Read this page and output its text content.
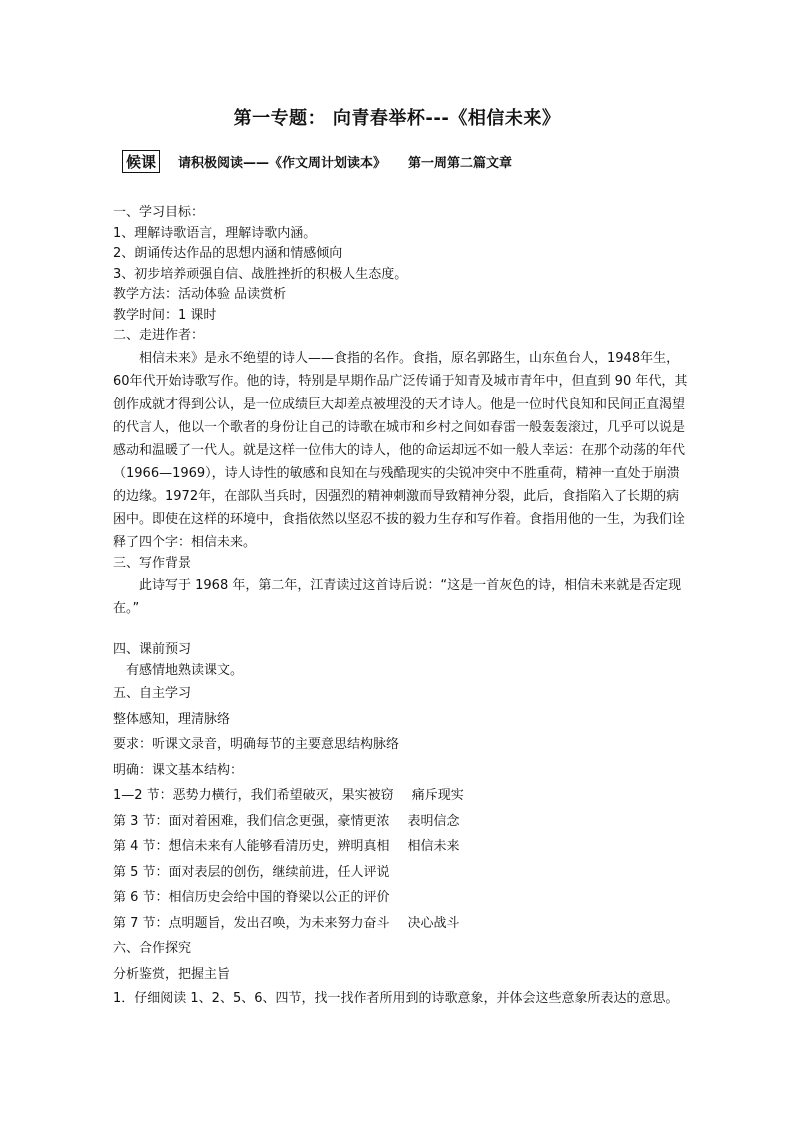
第一专题： 向青春举杯---《相信未来》
候课 请积极阅读——《作文周计划读本》 第一周第二篇文章

一、学习目标：

1、理解诗歌语言，理解诗歌内涵。

2、朗诵传达作品的思想内涵和情感倾向

3、初步培养顽强自信、战胜挫折的积极人生态度。

教学方法：活动体验 品读赏析

教学时间：1 课时

二、走进作者：

相信未来》是永不绝望的诗人——食指的名作。食指，原名郭路生，山东鱼台人，1948年生，60年代开始诗歌写作。他的诗，特别是早期作品广泛传诵于知青及城市青年中，但直到 90 年代，其创作成就才得到公认，是一位成绩巨大却差点被埋没的天才诗人。他是一位时代良知和民间正直渴望的代言人，他以一个歌者的身份让自己的诗歌在城市和乡村之间如春雷一般轰轰滚过，几乎可以说是感动和温暖了一代人。就是这样一位伟大的诗人，他的命运却远不如一般人幸运：在那个动荡的年代（1966—1969），诗人诗性的敏感和良知在与残酷现实的尖锐冲突中不胜重荷，精神一直处于崩溃的边缘。1972年，在部队当兵时，因强烈的精神刺激而导致精神分裂，此后，食指陷入了长期的病困中。即使在这样的环境中，食指依然以坚忍不拔的毅力生存和写作着。食指用他的一生，为我们诠释了四个字：相信未来。

三、写作背景

此诗写于 1968 年，第二年，江青读过这首诗后说：“这是一首灰色的诗，相信未来就是否定现在。”

四、课前预习

有感情地熟读课文。

五、自主学习

整体感知，理清脉络

要求：听课文录音，明确每节的主要意思结构脉络

明确：课文基本结构：

1—2 节：恶势力横行，我们希望破灭，果实被窃 痛斥现实

第 3 节：面对着困难，我们信念更强，豪情更浓 表明信念

第 4 节：想信未来有人能够看清历史，辨明真相 相信未来

第 5 节：面对表层的创伤，继续前进，任人评说

第 6 节：相信历史会给中国的脊梁以公正的评价

第 7 节：点明题旨，发出召唤，为未来努力奋斗 决心战斗

六、合作探究

分析鉴赏，把握主旨

1．仔细阅读 1、2、5、6、四节，找一找作者所用到的诗歌意象，并体会这些意象所表达的意思。
